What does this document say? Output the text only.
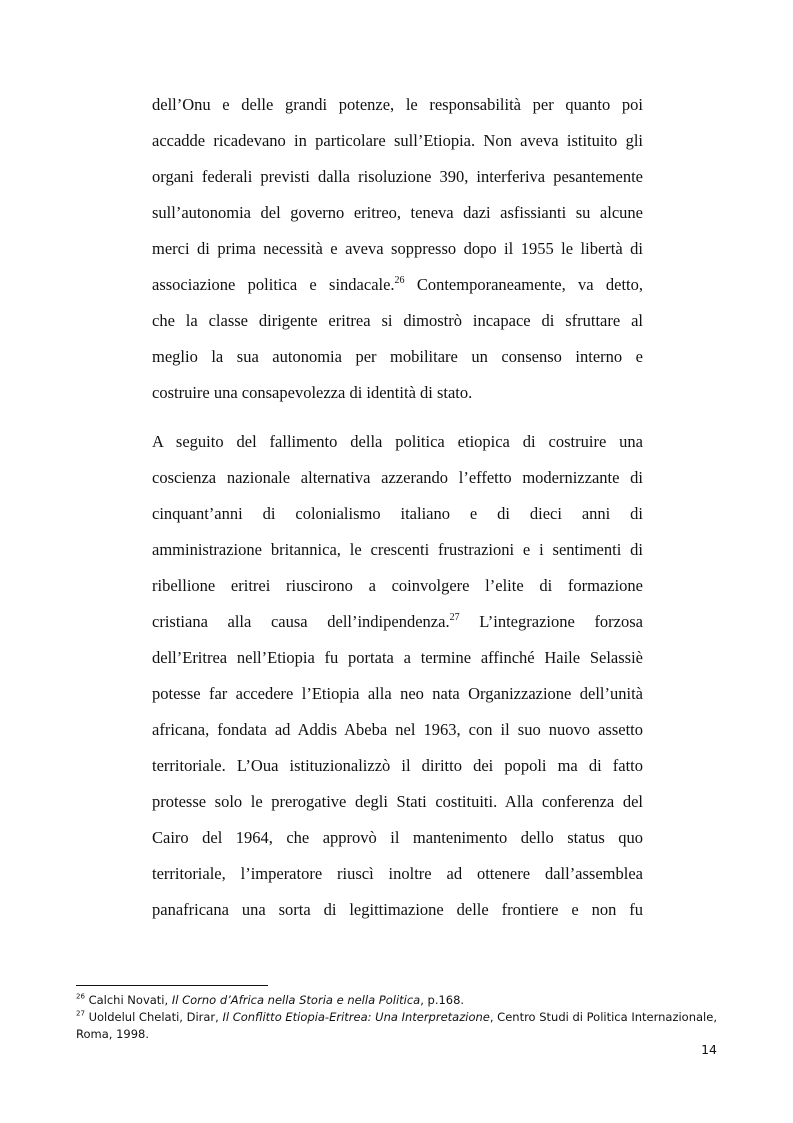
dell’Onu e delle grandi potenze, le responsabilità per quanto poi
accadde ricadevano in particolare sull’Etiopia. Non aveva istituito gli
organi federali previsti dalla risoluzione 390, interferiva pesantemente
sull’autonomia del governo eritreo, teneva dazi asfissianti su alcune
merci di prima necessità e aveva soppresso dopo il 1955 le libertà di
associazione politica e sindacale.$^{26}$ Contemporaneamente, va detto,
che la classe dirigente eritrea si dimostrò incapace di sfruttare al
meglio la sua autonomia per mobilitare un consenso interno e
costruire una consapevolezza di identità di stato.
A seguito del fallimento della politica etiopica di costruire una
coscienza nazionale alternativa azzerando l’effetto modernizzante di
cinquant’anni di colonialismo italiano e di dieci anni di
amministrazione britannica, le crescenti frustrazioni e i sentimenti di
ribellione eritrei riuscirono a coinvolgere l’elite di formazione
cristiana alla causa dell’indipendenza.$^{27}$ L’integrazione forzosa
dell’Eritrea nell’Etiopia fu portata a termine affinché Haile Selassiè
potesse far accedere l’Etiopia alla neo nata Organizzazione dell’unità
africana, fondata ad Addis Abeba nel 1963, con il suo nuovo assetto
territoriale. L’Oua istituzionalizzò il diritto dei popoli ma di fatto
protesse solo le prerogative degli Stati costituiti. Alla conferenza del
Cairo del 1964, che approvò il mantenimento dello status quo
territoriale, l’imperatore riuscì inoltre ad ottenere dall’assemblea
panafricana una sorta di legittimazione delle frontiere e non fu

$^{26}$ Calchi Novati, Il Corno d’Africa nella Storia e nella Politica, p.168.

$^{27}$ Uoldelul Chelati, Dirar, Il Conflitto Etiopia-Eritrea: Una Interpretazione, Centro Studi di Politica Internazionale, Roma, 1998.

14
